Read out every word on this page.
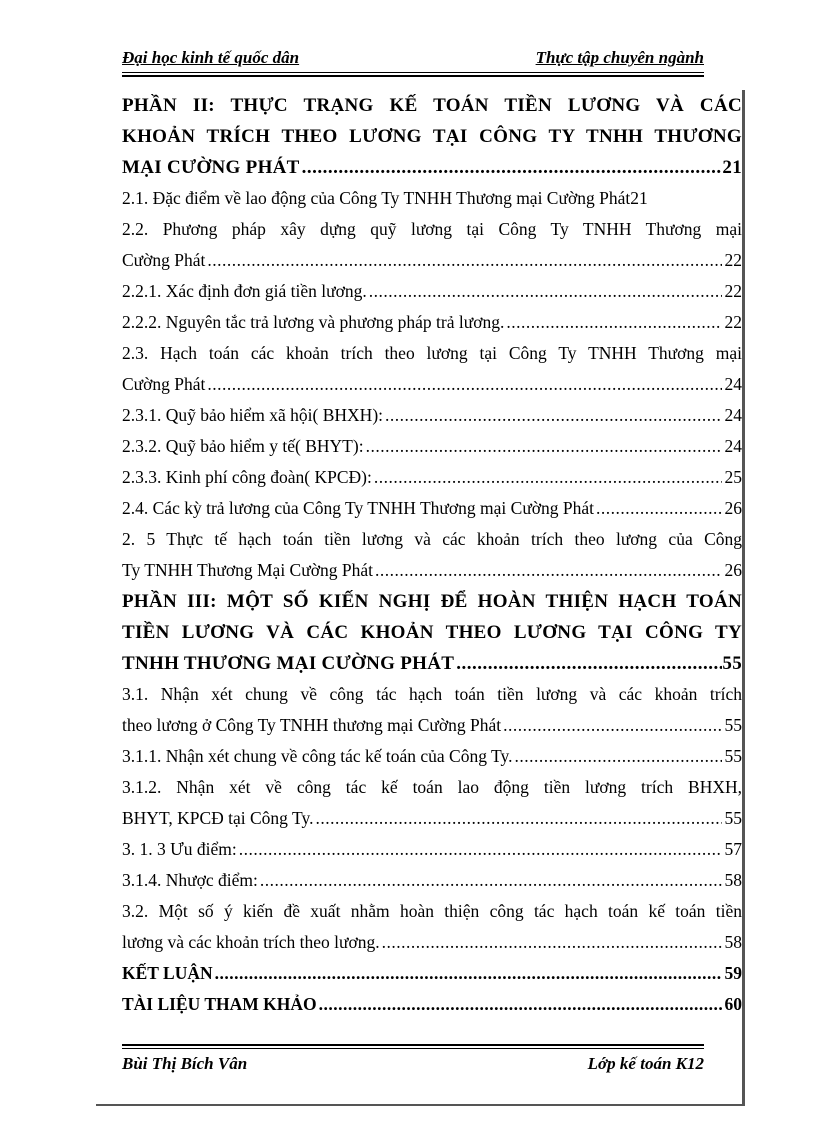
Đại học kinh tế quốc dân	Thực tập chuyên ngành
PHẦN II: THỰC TRẠNG KẾ TOÁN TIỀN LƯƠNG VÀ CÁC
KHOẢN TRÍCH THEO LƯƠNG TẠI CÔNG TY TNHH THƯƠNG
MẠI CƯỜNG PHÁT .....	21
2.1. Đặc điểm về lao động của Công Ty TNHH Thương mại Cường Phát 21
2.2. Phương pháp xây dựng quỹ lương tại Công Ty TNHH Thương mại
Cường Phát .....	22
2.2.1. Xác định đơn giá tiền lương. .....	22
2.2.2. Nguyên tắc trả lương và phương pháp trả lương. .....	22
2.3. Hạch toán các khoản trích theo lương tại Công Ty TNHH Thương mại
Cường Phát .....	24
2.3.1. Quỹ bảo hiểm xã hội( BHXH): .....	24
2.3.2. Quỹ bảo hiểm y tế( BHYT): .....	24
2.3.3. Kinh phí công đoàn( KPCĐ): .....	25
2.4. Các kỳ trả lương của Công Ty TNHH Thương mại Cường Phát .....	26
2. 5 Thực tế hạch toán tiền lương và các khoản trích theo lương của Công
Ty TNHH Thương Mại Cường Phát .....	26
PHẦN III: MỘT SỐ KIẾN NGHỊ ĐỂ HOÀN THIỆN HẠCH TOÁN
TIỀN LƯƠNG VÀ CÁC KHOẢN THEO LƯƠNG TẠI CÔNG TY
TNHH THƯƠNG MẠI CƯỜNG PHÁT .....	55
3.1. Nhận xét chung về công tác hạch toán tiền lương và các khoản trích
theo lương ở Công Ty TNHH thương mại Cường Phát .....	55
3.1.1. Nhận xét chung về công tác kế toán của Công Ty. .....	55
3.1.2. Nhận xét về công tác kế toán lao động tiền lương trích BHXH,
BHYT, KPCĐ tại Công Ty. .....	55
3. 1. 3 Ưu điểm: .....	57
3.1.4. Nhược điểm: .....	58
3.2. Một số ý kiến đề xuất nhằm hoàn thiện công tác hạch toán kế toán tiền
lương và các khoản trích theo lương. .....	58
KẾT LUẬN .....	59
TÀI LIỆU THAM KHẢO .....	60
Bùi Thị Bích Vân	Lớp kế toán K12
